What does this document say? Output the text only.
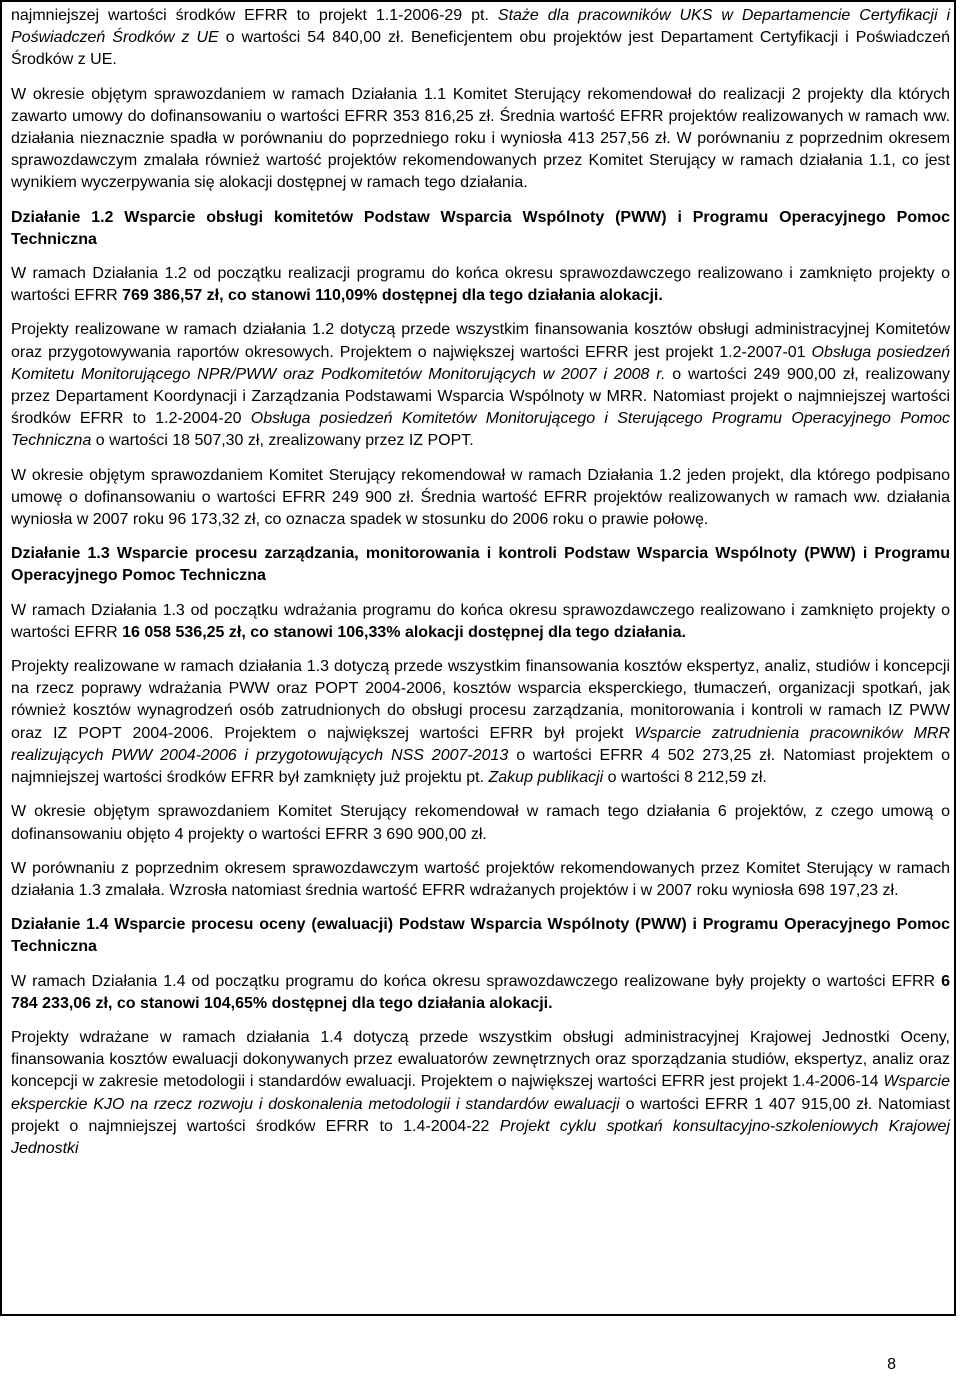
najmniejszej wartości środków EFRR to projekt 1.1-2006-29 pt. Staże dla pracowników UKS w Departamencie Certyfikacji i Poświadczeń Środków z UE o wartości 54 840,00 zł. Beneficjentem obu projektów jest Departament Certyfikacji i Poświadczeń Środków z UE.

W okresie objętym sprawozdaniem w ramach Działania 1.1 Komitet Sterujący rekomendował do realizacji 2 projekty dla których zawarto umowy do dofinansowaniu o wartości EFRR 353 816,25 zł. Średnia wartość EFRR projektów realizowanych w ramach ww. działania nieznacznie spadła w porównaniu do poprzedniego roku i wyniosła 413 257,56 zł. W porównaniu z poprzednim okresem sprawozdawczym zmalała również wartość projektów rekomendowanych przez Komitet Sterujący w ramach działania 1.1, co jest wynikiem wyczerpywania się alokacji dostępnej w ramach tego działania.

Działanie 1.2 Wsparcie obsługi komitetów Podstaw Wsparcia Wspólnoty (PWW) i Programu Operacyjnego Pomoc Techniczna

W ramach Działania 1.2 od początku realizacji programu do końca okresu sprawozdawczego realizowano i zamknięto projekty o wartości EFRR 769 386,57 zł, co stanowi 110,09% dostępnej dla tego działania alokacji.

Projekty realizowane w ramach działania 1.2 dotyczą przede wszystkim finansowania kosztów obsługi administracyjnej Komitetów oraz przygotowywania raportów okresowych. Projektem o największej wartości EFRR jest projekt 1.2-2007-01 Obsługa posiedzeń Komitetu Monitorującego NPR/PWW oraz Podkomitetów Monitorujących w 2007 i 2008 r. o wartości 249 900,00 zł, realizowany przez Departament Koordynacji i Zarządzania Podstawami Wsparcia Wspólnoty w MRR. Natomiast projekt o najmniejszej wartości środków EFRR to 1.2-2004-20 Obsługa posiedzeń Komitetów Monitorującego i Sterującego Programu Operacyjnego Pomoc Techniczna o wartości 18 507,30 zł, zrealizowany przez IZ POPT.

W okresie objętym sprawozdaniem Komitet Sterujący rekomendował w ramach Działania 1.2 jeden projekt, dla którego podpisano umowę o dofinansowaniu o wartości EFRR 249 900 zł. Średnia wartość EFRR projektów realizowanych w ramach ww. działania wyniosła w 2007 roku 96 173,32 zł, co oznacza spadek w stosunku do 2006 roku o prawie połowę.

Działanie 1.3 Wsparcie procesu zarządzania, monitorowania i kontroli Podstaw Wsparcia Wspólnoty (PWW) i Programu Operacyjnego Pomoc Techniczna

W ramach Działania 1.3 od początku wdrażania programu do końca okresu sprawozdawczego realizowano i zamknięto projekty o wartości EFRR 16 058 536,25 zł, co stanowi 106,33% alokacji dostępnej dla tego działania.

Projekty realizowane w ramach działania 1.3 dotyczą przede wszystkim finansowania kosztów ekspertyz, analiz, studiów i koncepcji na rzecz poprawy wdrażania PWW oraz POPT 2004-2006, kosztów wsparcia eksperckiego, tłumaczeń, organizacji spotkań, jak również kosztów wynagrodzeń osób zatrudnionych do obsługi procesu zarządzania, monitorowania i kontroli w ramach IZ PWW oraz IZ POPT 2004-2006. Projektem o największej wartości EFRR był projekt Wsparcie zatrudnienia pracowników MRR realizujących PWW 2004-2006 i przygotowujących NSS 2007-2013 o wartości EFRR 4 502 273,25 zł. Natomiast projektem o najmniejszej wartości środków EFRR był zamknięty już projektu pt. Zakup publikacji o wartości 8 212,59 zł.

W okresie objętym sprawozdaniem Komitet Sterujący rekomendował w ramach tego działania 6 projektów, z czego umową o dofinansowaniu objęto 4 projekty o wartości EFRR 3 690 900,00 zł.

W porównaniu z poprzednim okresem sprawozdawczym wartość projektów rekomendowanych przez Komitet Sterujący w ramach działania 1.3 zmalała. Wzrosła natomiast średnia wartość EFRR wdrażanych projektów i w 2007 roku wyniosła 698 197,23 zł.

Działanie 1.4 Wsparcie procesu oceny (ewaluacji) Podstaw Wsparcia Wspólnoty (PWW) i Programu Operacyjnego Pomoc Techniczna

W ramach Działania 1.4 od początku programu do końca okresu sprawozdawczego realizowane były projekty o wartości EFRR 6 784 233,06 zł, co stanowi 104,65% dostępnej dla tego działania alokacji.

Projekty wdrażane w ramach działania 1.4 dotyczą przede wszystkim obsługi administracyjnej Krajowej Jednostki Oceny, finansowania kosztów ewaluacji dokonywanych przez ewaluatorów zewnętrznych oraz sporządzania studiów, ekspertyz, analiz oraz koncepcji w zakresie metodologii i standardów ewaluacji. Projektem o największej wartości EFRR jest projekt 1.4-2006-14 Wsparcie eksperckie KJO na rzecz rozwoju i doskonalenia metodologii i standardów ewaluacji o wartości EFRR 1 407 915,00 zł. Natomiast projekt o najmniejszej wartości środków EFRR to 1.4-2004-22 Projekt cyklu spotkań konsultacyjno-szkoleniowych Krajowej Jednostki

8
